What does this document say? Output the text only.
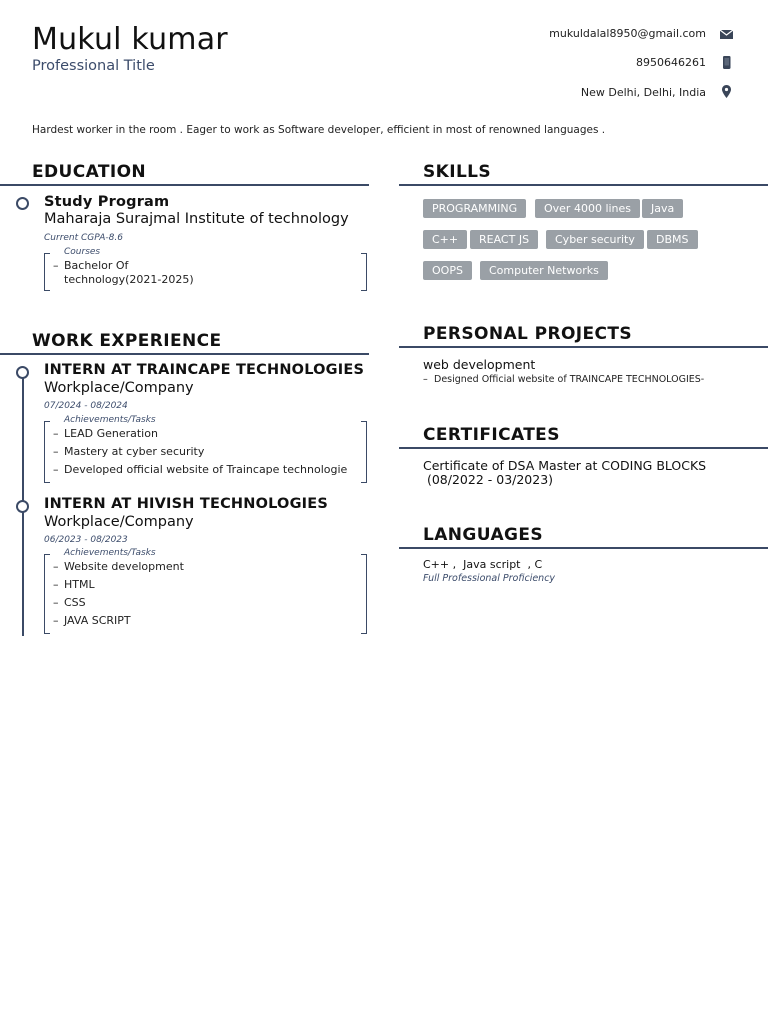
Mukul kumar
Professional Title
mukuldalal8950@gmail.com
8950646261
New Delhi, Delhi, India
Hardest worker in the room . Eager to work as Software developer, efficient in most of renowned languages .
EDUCATION
Study Program
Maharaja Surajmal Institute of technology
Current CGPA-8.6
Courses
– Bachelor Of
technology(2021-2025)
WORK EXPERIENCE
INTERN AT TRAINCAPE TECHNOLOGIES
Workplace/Company
07/2024 - 08/2024
Achievements/Tasks
– LEAD Generation
– Mastery at cyber security
– Developed official website of Traincape technologie
INTERN AT HIVISH TECHNOLOGIES
Workplace/Company
06/2023 - 08/2023
Achievements/Tasks
– Website development
– HTML
– CSS
– JAVA SCRIPT
SKILLS
PROGRAMMING	Over 4000 lines	Java
C++	REACT JS	Cyber security	DBMS
OOPS	Computer Networks
PERSONAL PROJECTS
web development
– Designed Official website of TRAINCAPE TECHNOLOGIES-
CERTIFICATES
Certificate of DSA Master at CODING BLOCKS
(08/2022 - 03/2023)
LANGUAGES
C++ ,  Java script  , C
Full Professional Proficiency
